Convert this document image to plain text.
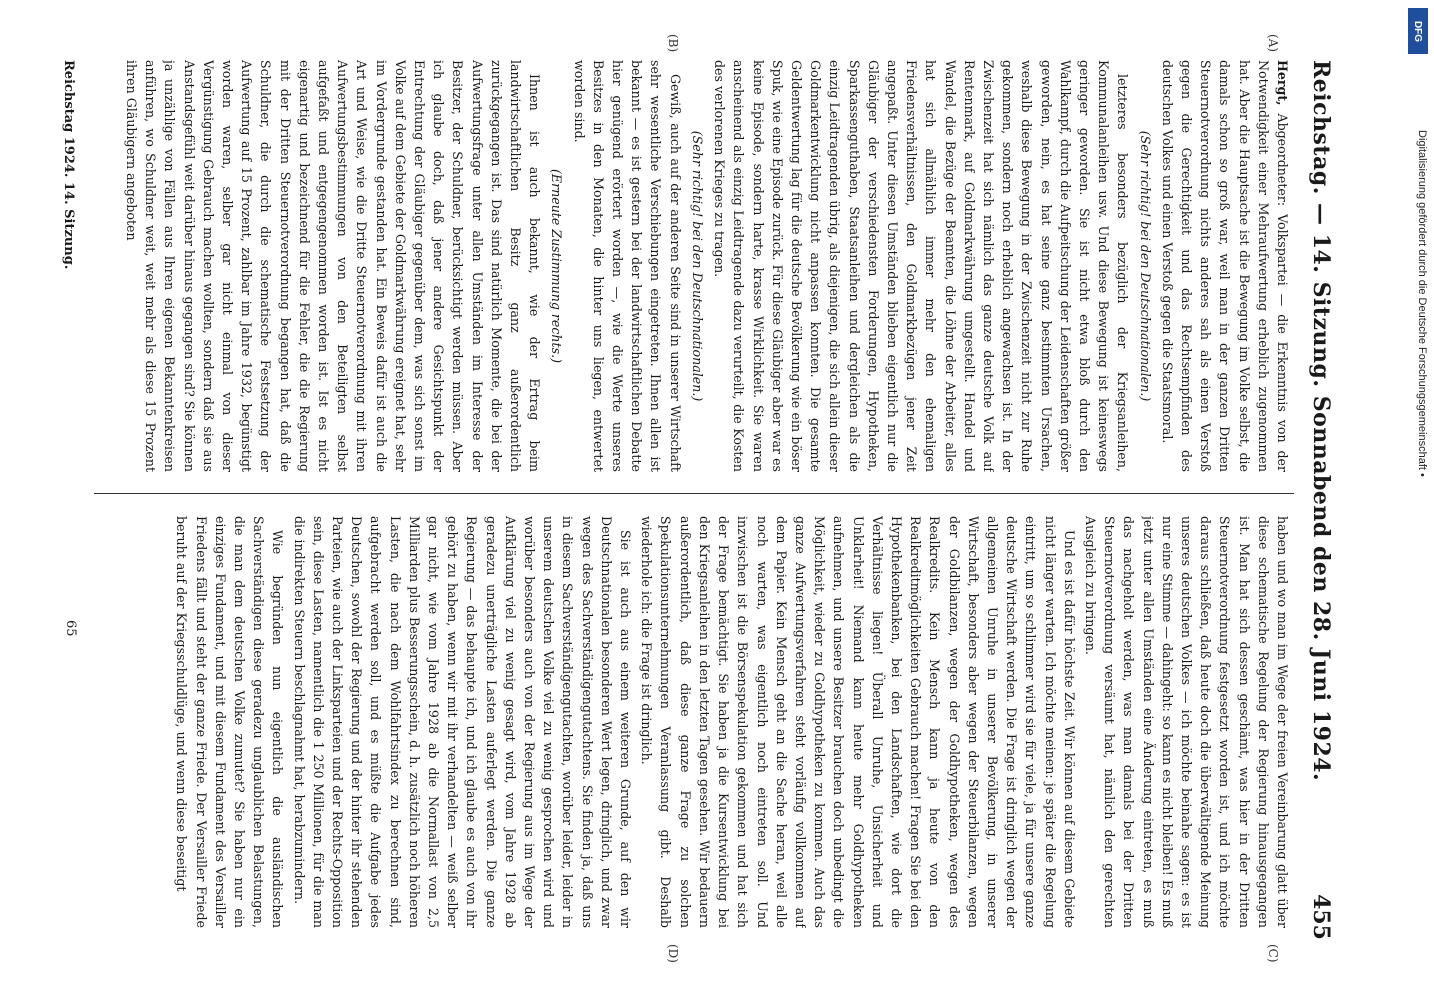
Reichstag. — 14. Sitzung. Sonnabend den 28. Juni 1924.
455
(A)
(B)
(C)
(D)

Hergt, Abgeordneter: Volkspartei — die Erkenntnis von der Notwendigkeit einer Mehraufwertung erheblich zugenommen hat. Aber die Hauptsache ist die Bewegung im Volke selbst, die damals schon so groß war, weil man in der ganzen Dritten Steuernotverordnung nichts anderes sah als einen Verstoß gegen die Gerechtigkeit und das Rechtsempfinden des deutschen Volkes und einen Verstoß gegen die Staatsmoral.

(Sehr richtig! bei den Deutschnationalen.)

letzteres besonders bezüglich der Kriegsanleihen, Kommunalanleihen usw. Und diese Bewegung ist keineswegs geringer geworden. Sie ist nicht etwa bloß durch den Wahlkampf, durch die Aufpeitschung der Leidenschaften größer geworden, nein, es hat seine ganz bestimmten Ursachen, weshalb diese Bewegung in der Zwischenzeit nicht zur Ruhe gekommen, sondern noch erheblich angewachsen ist. In der Zwischenzeit hat sich nämlich das ganze deutsche Volk auf Rentenmark, auf Goldmarkwährung umgestellt. Handel und Wandel, die Bezüge der Beamten, die Löhne der Arbeiter, alles hat sich allmählich immer mehr den ehemaligen Friedensverhältnissen, den Goldmarkbezügen jener Zeit angepaßt. Unter diesen Umständen blieben eigentlich nur die Gläubiger der verschiedensten Forderungen, Hypotheken, Sparkassenguthaben, Staatsanleihen und dergleichen als die einzig Leidtragenden übrig, als diejenigen, die sich allein dieser Goldmarkentwicklung nicht anpassen konnten. Die gesamte Geldentwertung lag für die deutsche Bevölkerung wie ein böser Spuk, wie eine Episode zurück. Für diese Gläubiger aber war es keine Episode, sondern harte, krasse Wirklichkeit. Sie waren anscheinend als einzig Leidtragende dazu verurteilt, die Kosten des verlorenen Krieges zu tragen.

(Sehr richtig! bei den Deutschnationalen.)

Gewiß, auch auf der anderen Seite sind in unserer Wirtschaft sehr wesentliche Verschiebungen eingetreten. Ihnen allen ist bekannt — es ist gestern bei der landwirtschaftlichen Debatte hier genügend erörtert worden —, wie die Werte unseres Besitzes in den Monaten, die hinter uns liegen, entwertet worden sind.

(Erneute Zustimmung rechts.)

Ihnen ist auch bekannt, wie der Ertrag beim landwirtschaftlichen Besitz ganz außerordentlich zurückgegangen ist. Das sind natürlich Momente, die bei der Aufwertungsfrage unter allen Umständen im Interesse der Besitzer, der Schuldner, berücksichtigt werden müssen. Aber ich glaube doch, daß jener andere Gesichtspunkt der Entrechtung der Gläubiger gegenüber dem, was sich sonst im Volke auf dem Gebiete der Goldmarkwährung ereignet hat, sehr im Vordergrunde gestanden hat. Ein Beweis dafür ist auch die Art und Weise, wie die Dritte Steuernotverordnung mit ihren Aufwertungsbestimmungen von den Beteiligten selbst aufgefaßt und entgegengenommen worden ist. Ist es nicht eigenartig und bezeichnend für die Fehler, die die Regierung mit der Dritten Steuernotverordnung begangen hat, daß die Schuldner, die durch die schematische Festsetzung der Aufwertung auf 15 Prozent, zahlbar im Jahre 1932, begünstigt worden waren, selber gar nicht einmal von dieser Vergünstigung Gebrauch machen wollten, sondern daß sie aus Anstandsgefühl weit darüber hinaus gegangen sind? Sie können ja unzählige von Fällen aus Ihren eigenen Bekanntenkreisen anführen, wo Schuldner weit, weit mehr als diese 15 Prozent ihren Gläubigern angeboten

haben und wo man im Wege der freien Vereinbarung glatt über diese schematische Regelung der Regierung hinausgegangen ist. Man hat sich dessen geschämt, was hier in der Dritten Steuernotverordnung festgesetzt worden ist, und ich möchte daraus schließen, daß heute doch die überwältigende Meinung unseres deutschen Volkes — ich möchte beinahe sagen: es ist nur eine Stimme — dahingeht: so kann es nicht bleiben! Es muß jetzt unter allen Umständen eine Änderung eintreten, es muß das nachgeholt werden, was man damals bei der Dritten Steuernotverordnung versäumt hat, nämlich den gerechten Ausgleich zu bringen.

Und es ist dafür höchste Zeit. Wir können auf diesem Gebiete nicht länger warten. Ich möchte meinen: je später die Regelung eintritt, um so schlimmer wird sie für viele, ja für unsere ganze deutsche Wirtschaft werden. Die Frage ist dringlich wegen der allgemeinen Unruhe in unserer Bevölkerung, in unserer Wirtschaft, besonders aber wegen der Steuerbilanzen, wegen der Goldbilanzen, wegen der Goldhypotheken, wegen des Realkredits. Kein Mensch kann ja heute von den Realkreditmöglichkeiten Gebrauch machen! Fragen Sie bei den Hypothekenbanken, bei den Landschaften, wie dort die Verhältnisse liegen! Überall Unruhe, Unsicherheit und Unklarheit! Niemand kann heute mehr Goldhypotheken aufnehmen, und unsere Besitzer brauchen doch unbedingt die Möglichkeit, wieder zu Goldhypotheken zu kommen. Auch das ganze Aufwertungsverfahren steht vorläufig vollkommen auf dem Papier. Kein Mensch geht an die Sache heran, weil alle noch warten, was eigentlich noch eintreten soll. Und inzwischen ist die Börsenspekulation gekommen und hat sich der Frage bemächtigt. Sie haben ja die Kursentwicklung bei den Kriegsanleihen in den letzten Tagen gesehen. Wir bedauern außerordentlich, daß diese ganze Frage zu solchen Spekulationsunternehmungen Veranlassung gibt. Deshalb wiederhole ich: die Frage ist dringlich.

Sie ist auch aus einem weiteren Grunde, auf den wir Deutschnationalen besonderen Wert legen, dringlich, und zwar wegen des Sachverständigengutachtens. Sie finden ja, daß uns in diesem Sachverständigengutachten, worüber leider, leider in unserem deutschen Volke viel zu wenig gesprochen wird und worüber besonders auch von der Regierung aus im Wege der Aufklärung viel zu wenig gesagt wird, vom Jahre 1928 ab geradezu unerträgliche Lasten auferlegt werden. Die ganze Regierung — das behaupte ich, und ich glaube es auch von ihr gehört zu haben, wenn wir mit ihr verhandelten — weiß selber gar nicht, wie vom Jahre 1928 ab die Normallast von 2,5 Milliarden plus Besserungsschein, d. h. zusätzlich noch höheren Lasten, die nach dem Wohlfahrtsindex zu berechnen sind, aufgebracht werden soll, und es müßte die Aufgabe jedes Deutschen, sowohl der Regierung und der hinter ihr stehenden Parteien, wie auch der Linksparteien und der Rechts-Opposition sein, diese Lasten, namentlich die 1 250 Millionen, für die man die indirekten Steuern beschlagnahmt hat, herabzumindern.

Wie begründen nun eigentlich die ausländischen Sachverständigen diese geradezu unglaublichen Belastungen, die man dem deutschen Volke zumutet? Sie haben nur ein einziges Fundament, und mit diesem Fundament des Versailler Friedens fällt und steht der ganze Friede. Der Versailler Friede beruht auf der Kriegsschuldlüge, und wenn diese beseitigt

Reichstag 1924. 14. Sitzung.
65
DFG
Digitalisierung gefördert durch die Deutsche Forschungsgemeinschaft •
